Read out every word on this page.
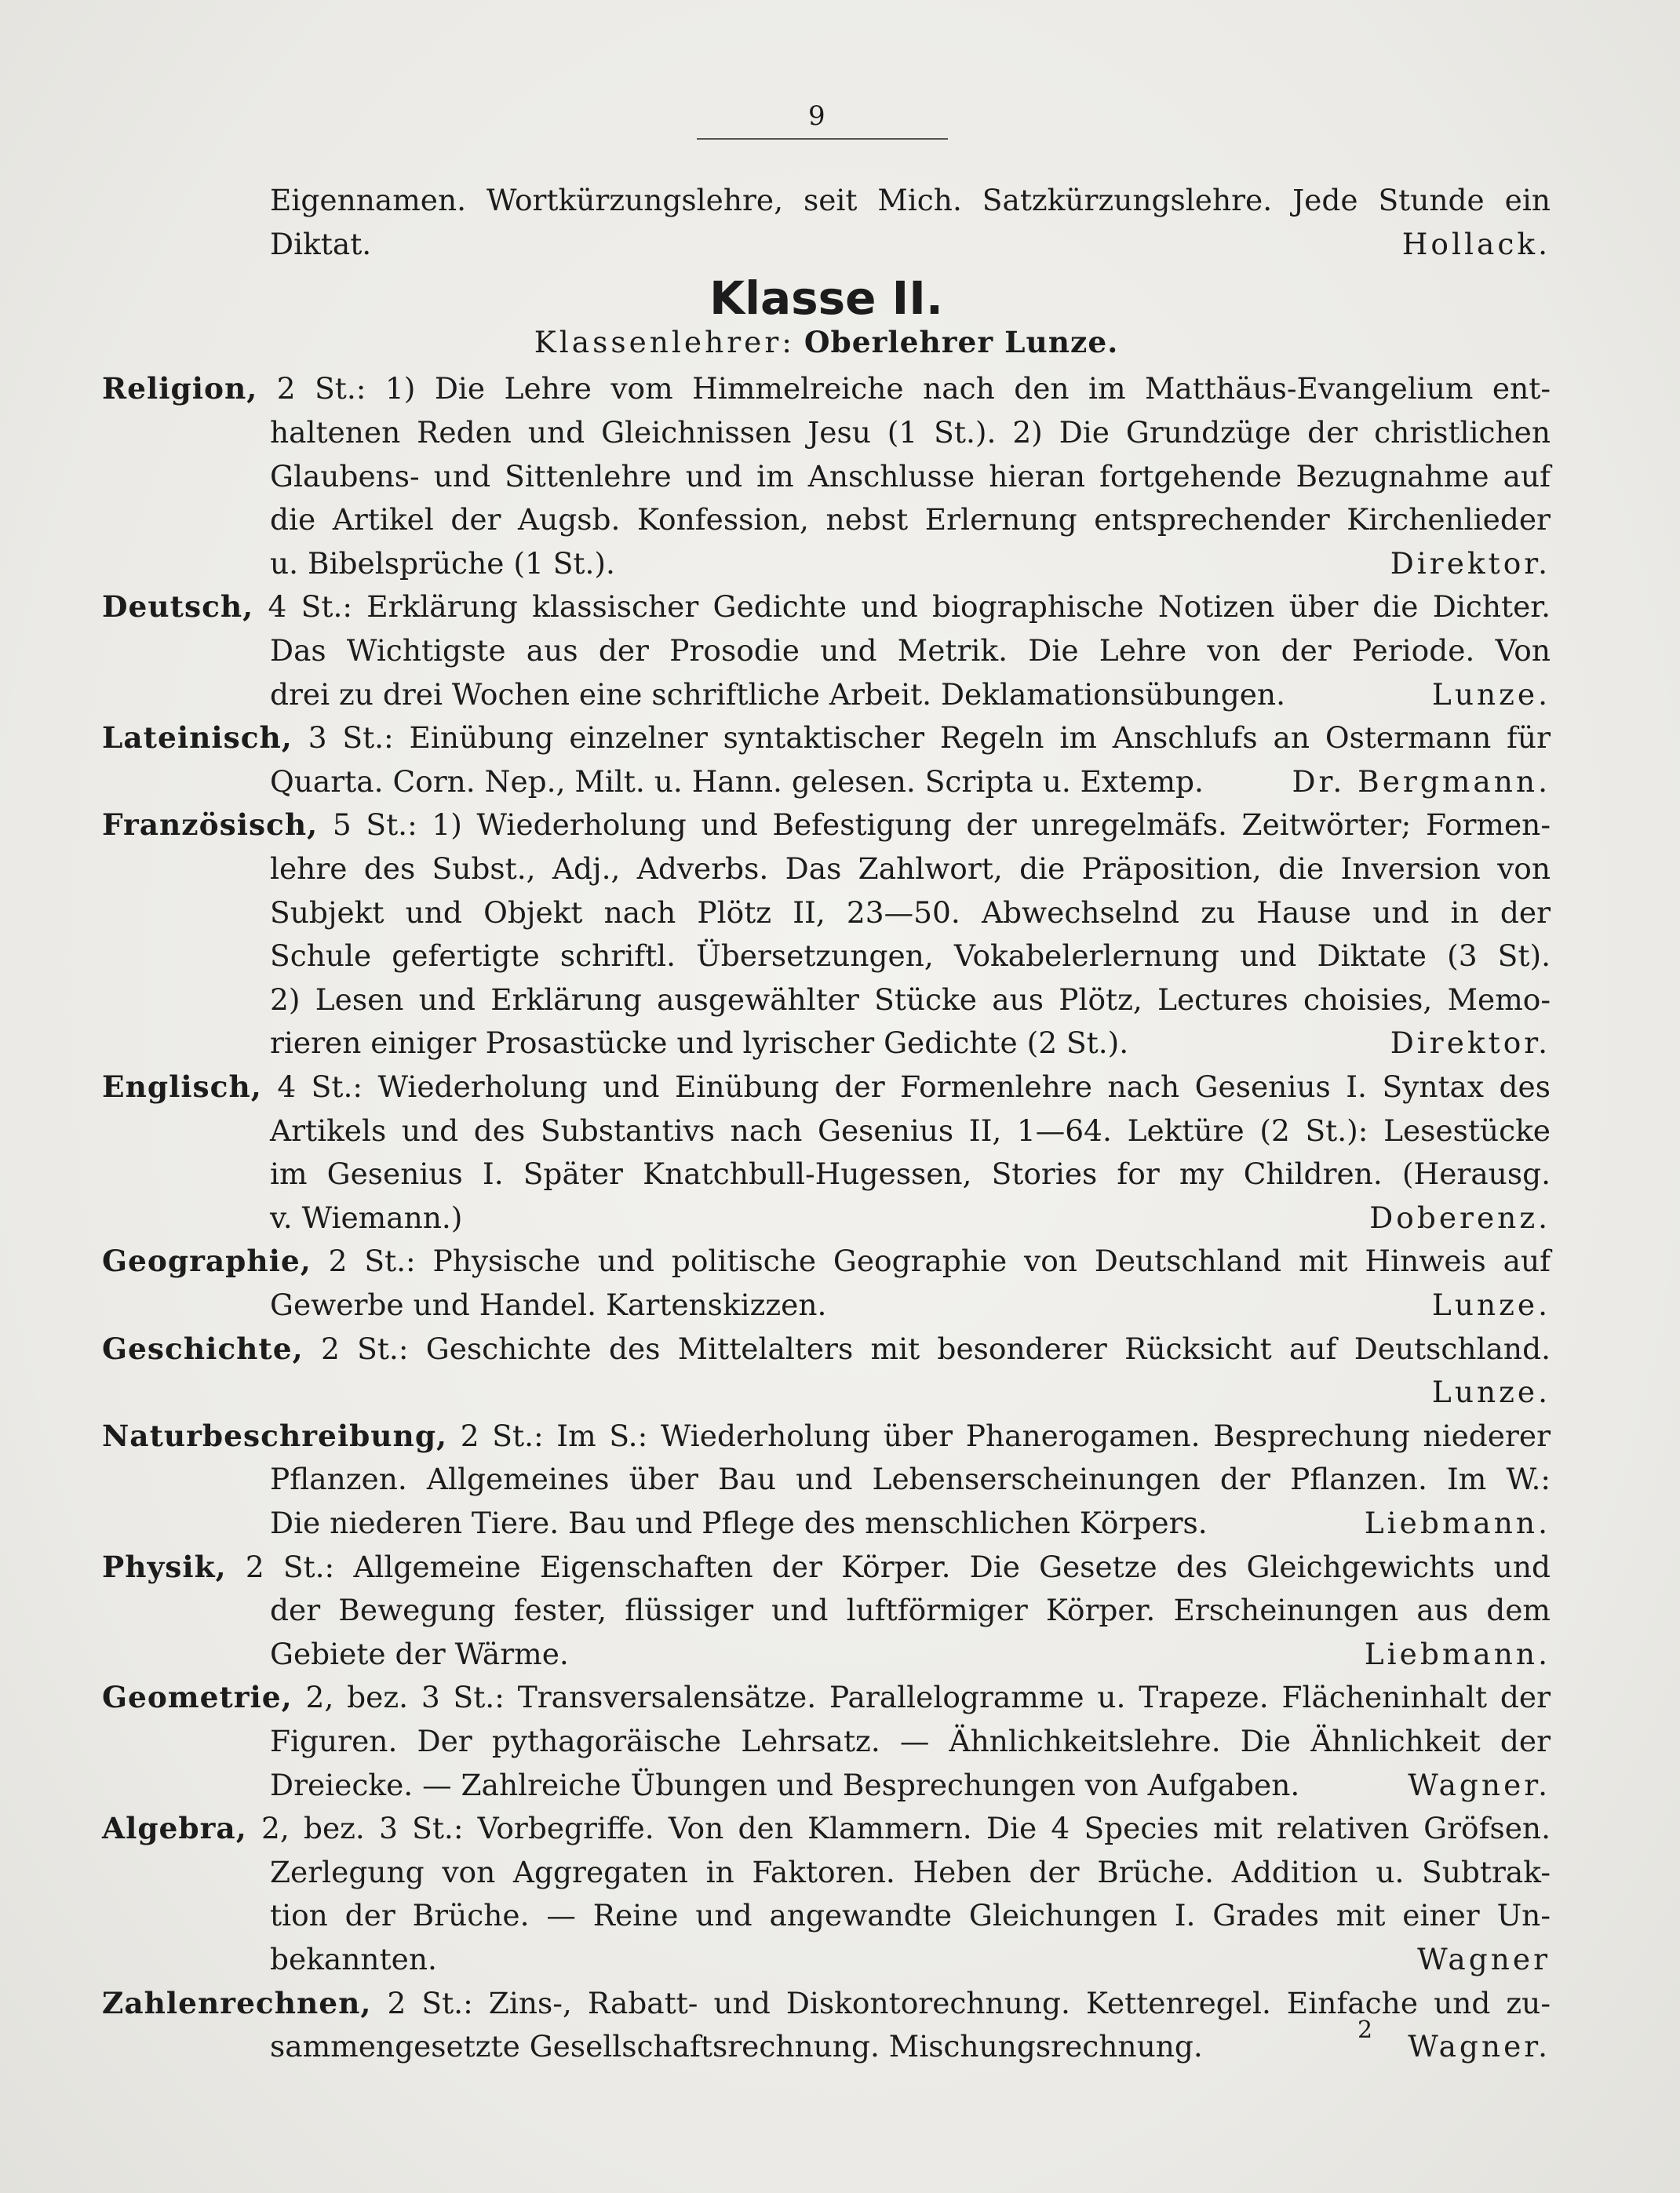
9
Eigennamen. Wortkürzungslehre, seit Mich. Satzkürzungslehre. Jede Stunde ein
Diktat.	Hollack.
Klasse II.
Klassenlehrer: Oberlehrer Lunze.
Religion, 2 St.: 1) Die Lehre vom Himmelreiche nach den im Matthäus-Evangelium ent-
haltenen Reden und Gleichnissen Jesu (1 St.). 2) Die Grundzüge der christlichen
Glaubens- und Sittenlehre und im Anschlusse hieran fortgehende Bezugnahme auf
die Artikel der Augsb. Konfession, nebst Erlernung entsprechender Kirchenlieder
u. Bibelsprüche (1 St.).	Direktor.
Deutsch, 4 St.: Erklärung klassischer Gedichte und biographische Notizen über die Dichter.
Das Wichtigste aus der Prosodie und Metrik. Die Lehre von der Periode. Von
drei zu drei Wochen eine schriftliche Arbeit. Deklamationsübungen.	Lunze.
Lateinisch, 3 St.: Einübung einzelner syntaktischer Regeln im Anschlufs an Ostermann für
Quarta. Corn. Nep., Milt. u. Hann. gelesen. Scripta u. Extemp.	Dr. Bergmann.
Französisch, 5 St.: 1) Wiederholung und Befestigung der unregelmäfs. Zeitwörter; Formen-
lehre des Subst., Adj., Adverbs. Das Zahlwort, die Präposition, die Inversion von
Subjekt und Objekt nach Plötz II, 23—50. Abwechselnd zu Hause und in der
Schule gefertigte schriftl. Übersetzungen, Vokabelerlernung und Diktate (3 St).
2) Lesen und Erklärung ausgewählter Stücke aus Plötz, Lectures choisies, Memo-
rieren einiger Prosastücke und lyrischer Gedichte (2 St.).	Direktor.
Englisch, 4 St.: Wiederholung und Einübung der Formenlehre nach Gesenius I. Syntax des
Artikels und des Substantivs nach Gesenius II, 1—64. Lektüre (2 St.): Lesestücke
im Gesenius I. Später Knatchbull-Hugessen, Stories for my Children. (Herausg.
v. Wiemann.)	Doberenz.
Geographie, 2 St.: Physische und politische Geographie von Deutschland mit Hinweis auf
Gewerbe und Handel. Kartenskizzen.	Lunze.
Geschichte, 2 St.: Geschichte des Mittelalters mit besonderer Rücksicht auf Deutschland.
Lunze.
Naturbeschreibung, 2 St.: Im S.: Wiederholung über Phanerogamen. Besprechung niederer
Pflanzen. Allgemeines über Bau und Lebenserscheinungen der Pflanzen. Im W.:
Die niederen Tiere. Bau und Pflege des menschlichen Körpers.	Liebmann.
Physik, 2 St.: Allgemeine Eigenschaften der Körper. Die Gesetze des Gleichgewichts und
der Bewegung fester, flüssiger und luftförmiger Körper. Erscheinungen aus dem
Gebiete der Wärme.	Liebmann.
Geometrie, 2, bez. 3 St.: Transversalensätze. Parallelogramme u. Trapeze. Flächeninhalt der
Figuren. Der pythagoräische Lehrsatz. — Ähnlichkeitslehre. Die Ähnlichkeit der
Dreiecke. — Zahlreiche Übungen und Besprechungen von Aufgaben.	Wagner.
Algebra, 2, bez. 3 St.: Vorbegriffe. Von den Klammern. Die 4 Species mit relativen Gröfsen.
Zerlegung von Aggregaten in Faktoren. Heben der Brüche. Addition u. Subtrak-
tion der Brüche. — Reine und angewandte Gleichungen I. Grades mit einer Un-
bekannten.	Wagner
Zahlenrechnen, 2 St.: Zins-, Rabatt- und Diskontorechnung. Kettenregel. Einfache und zu-
sammengesetzte Gesellschaftsrechnung. Mischungsrechnung.	Wagner.
2
